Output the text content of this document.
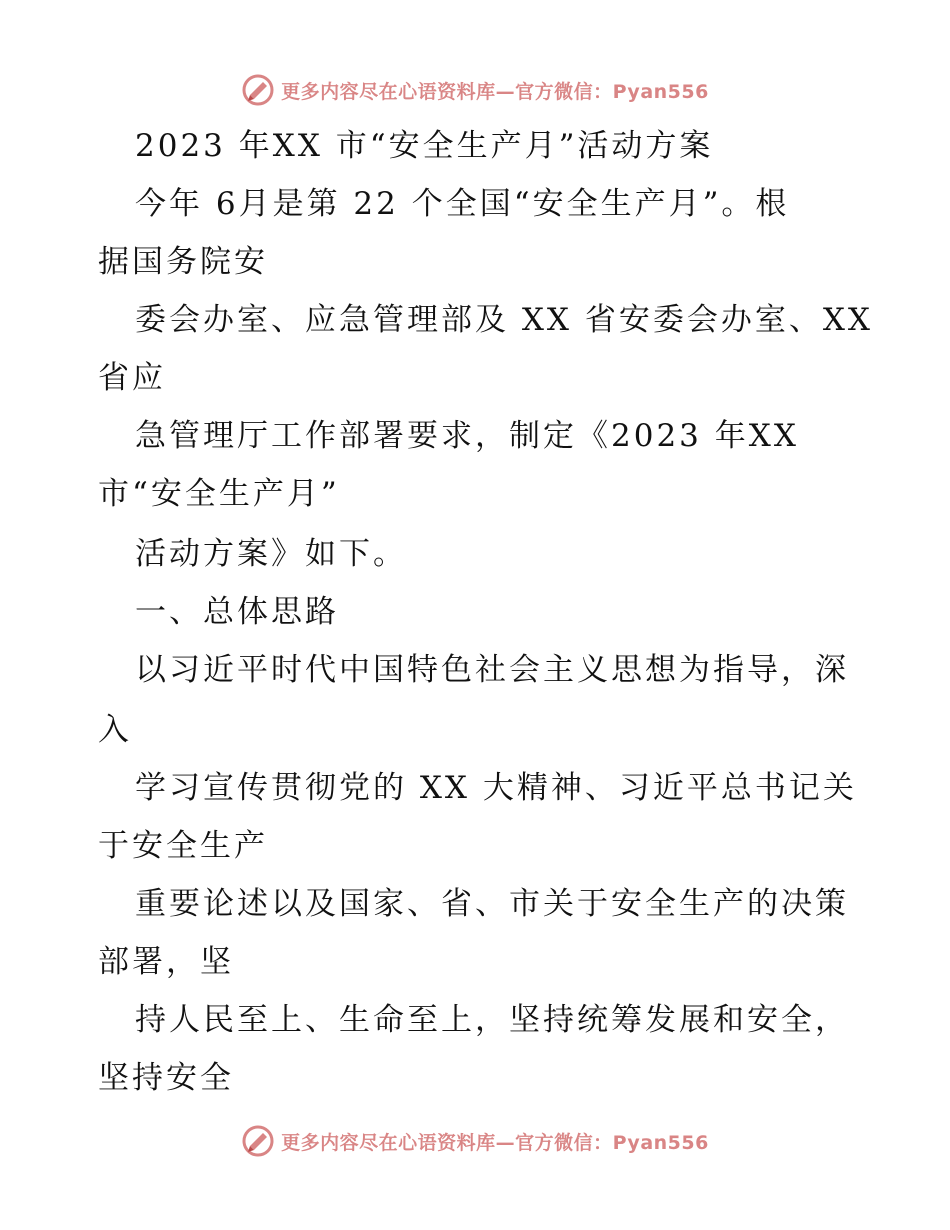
更多内容尽在心语资料库—官方微信：Pyan556
2023 年XX 市“安全生产月”活动方案
今年 6月是第 22 个全国“安全生产月”。根
据国务院安
委会办室、应急管理部及 XX 省安委会办室、XX
省应
急管理厅工作部署要求，制定《2023 年XX
市“安全生产月”
活动方案》如下。
一、总体思路
以习近平时代中国特色社会主义思想为指导，深
入
学习宣传贯彻党的 XX 大精神、习近平总书记关
于安全生产
重要论述以及国家、省、市关于安全生产的决策
部署，坚
持人民至上、生命至上，坚持统筹发展和安全，
坚持安全
更多内容尽在心语资料库—官方微信：Pyan556
